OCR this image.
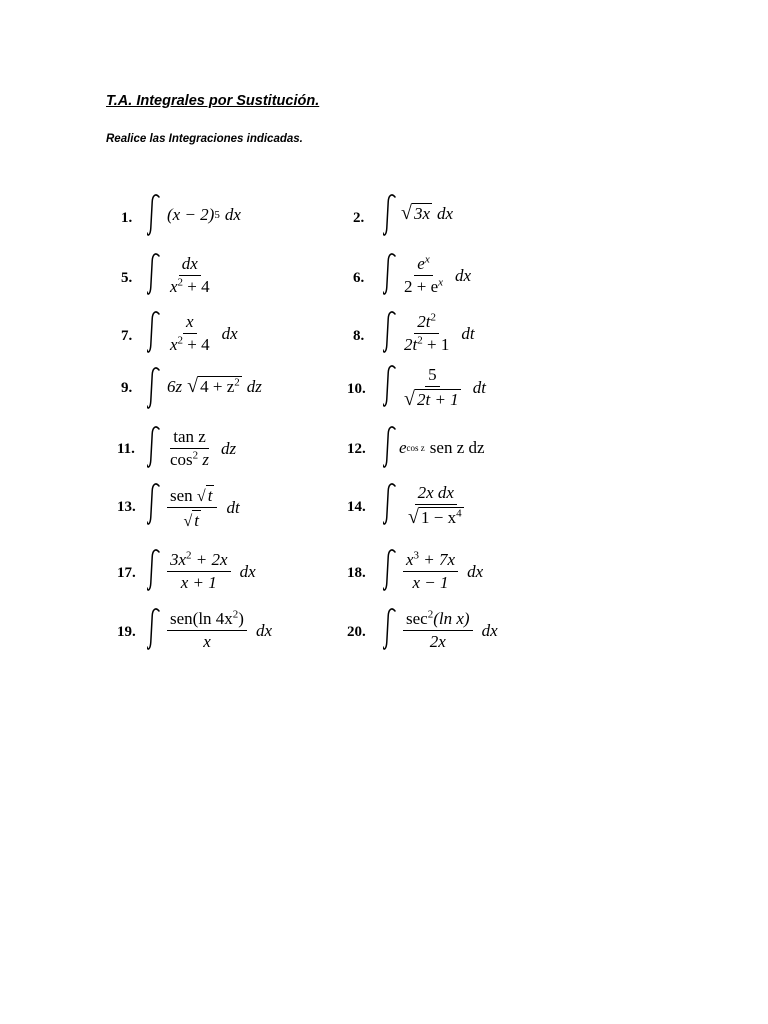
T.A. Integrales por Sustitución.
Realice las Integraciones indicadas.
1. (x − 2) 5 dx
5. $\frac{dx}{x^2 + 4}$
7. $\frac{x}{x^2 + 4}$ dx
9. 6z √ $4 + z^2$ dz
11. $\frac{\text{tan z}}{\cos^2 z}$ dz
13. $\frac{\text{sen √ t}}{√ t}$ dt
17. $\frac{3x^2 + 2x}{x + 1}$ dx
19. $\frac{sen(\ln 4x^2)}{x}$ dx
2. √ 3x dx
6. $\frac{e^x}{2 + e^x}$ dx
8. $\frac{2t^2}{2t^2 + 1}$ dt
10. $\frac{5}{√ 2t + 1}$ dt
12. e cos z sen z dz
14. $\frac{\text{2x dx}}{√ 1 - x^4}$
18. $\frac{x^3 + 7x}{x - 1}$ dx
20. $\frac{\sec^2(\ln x)}{2x}$ dx
